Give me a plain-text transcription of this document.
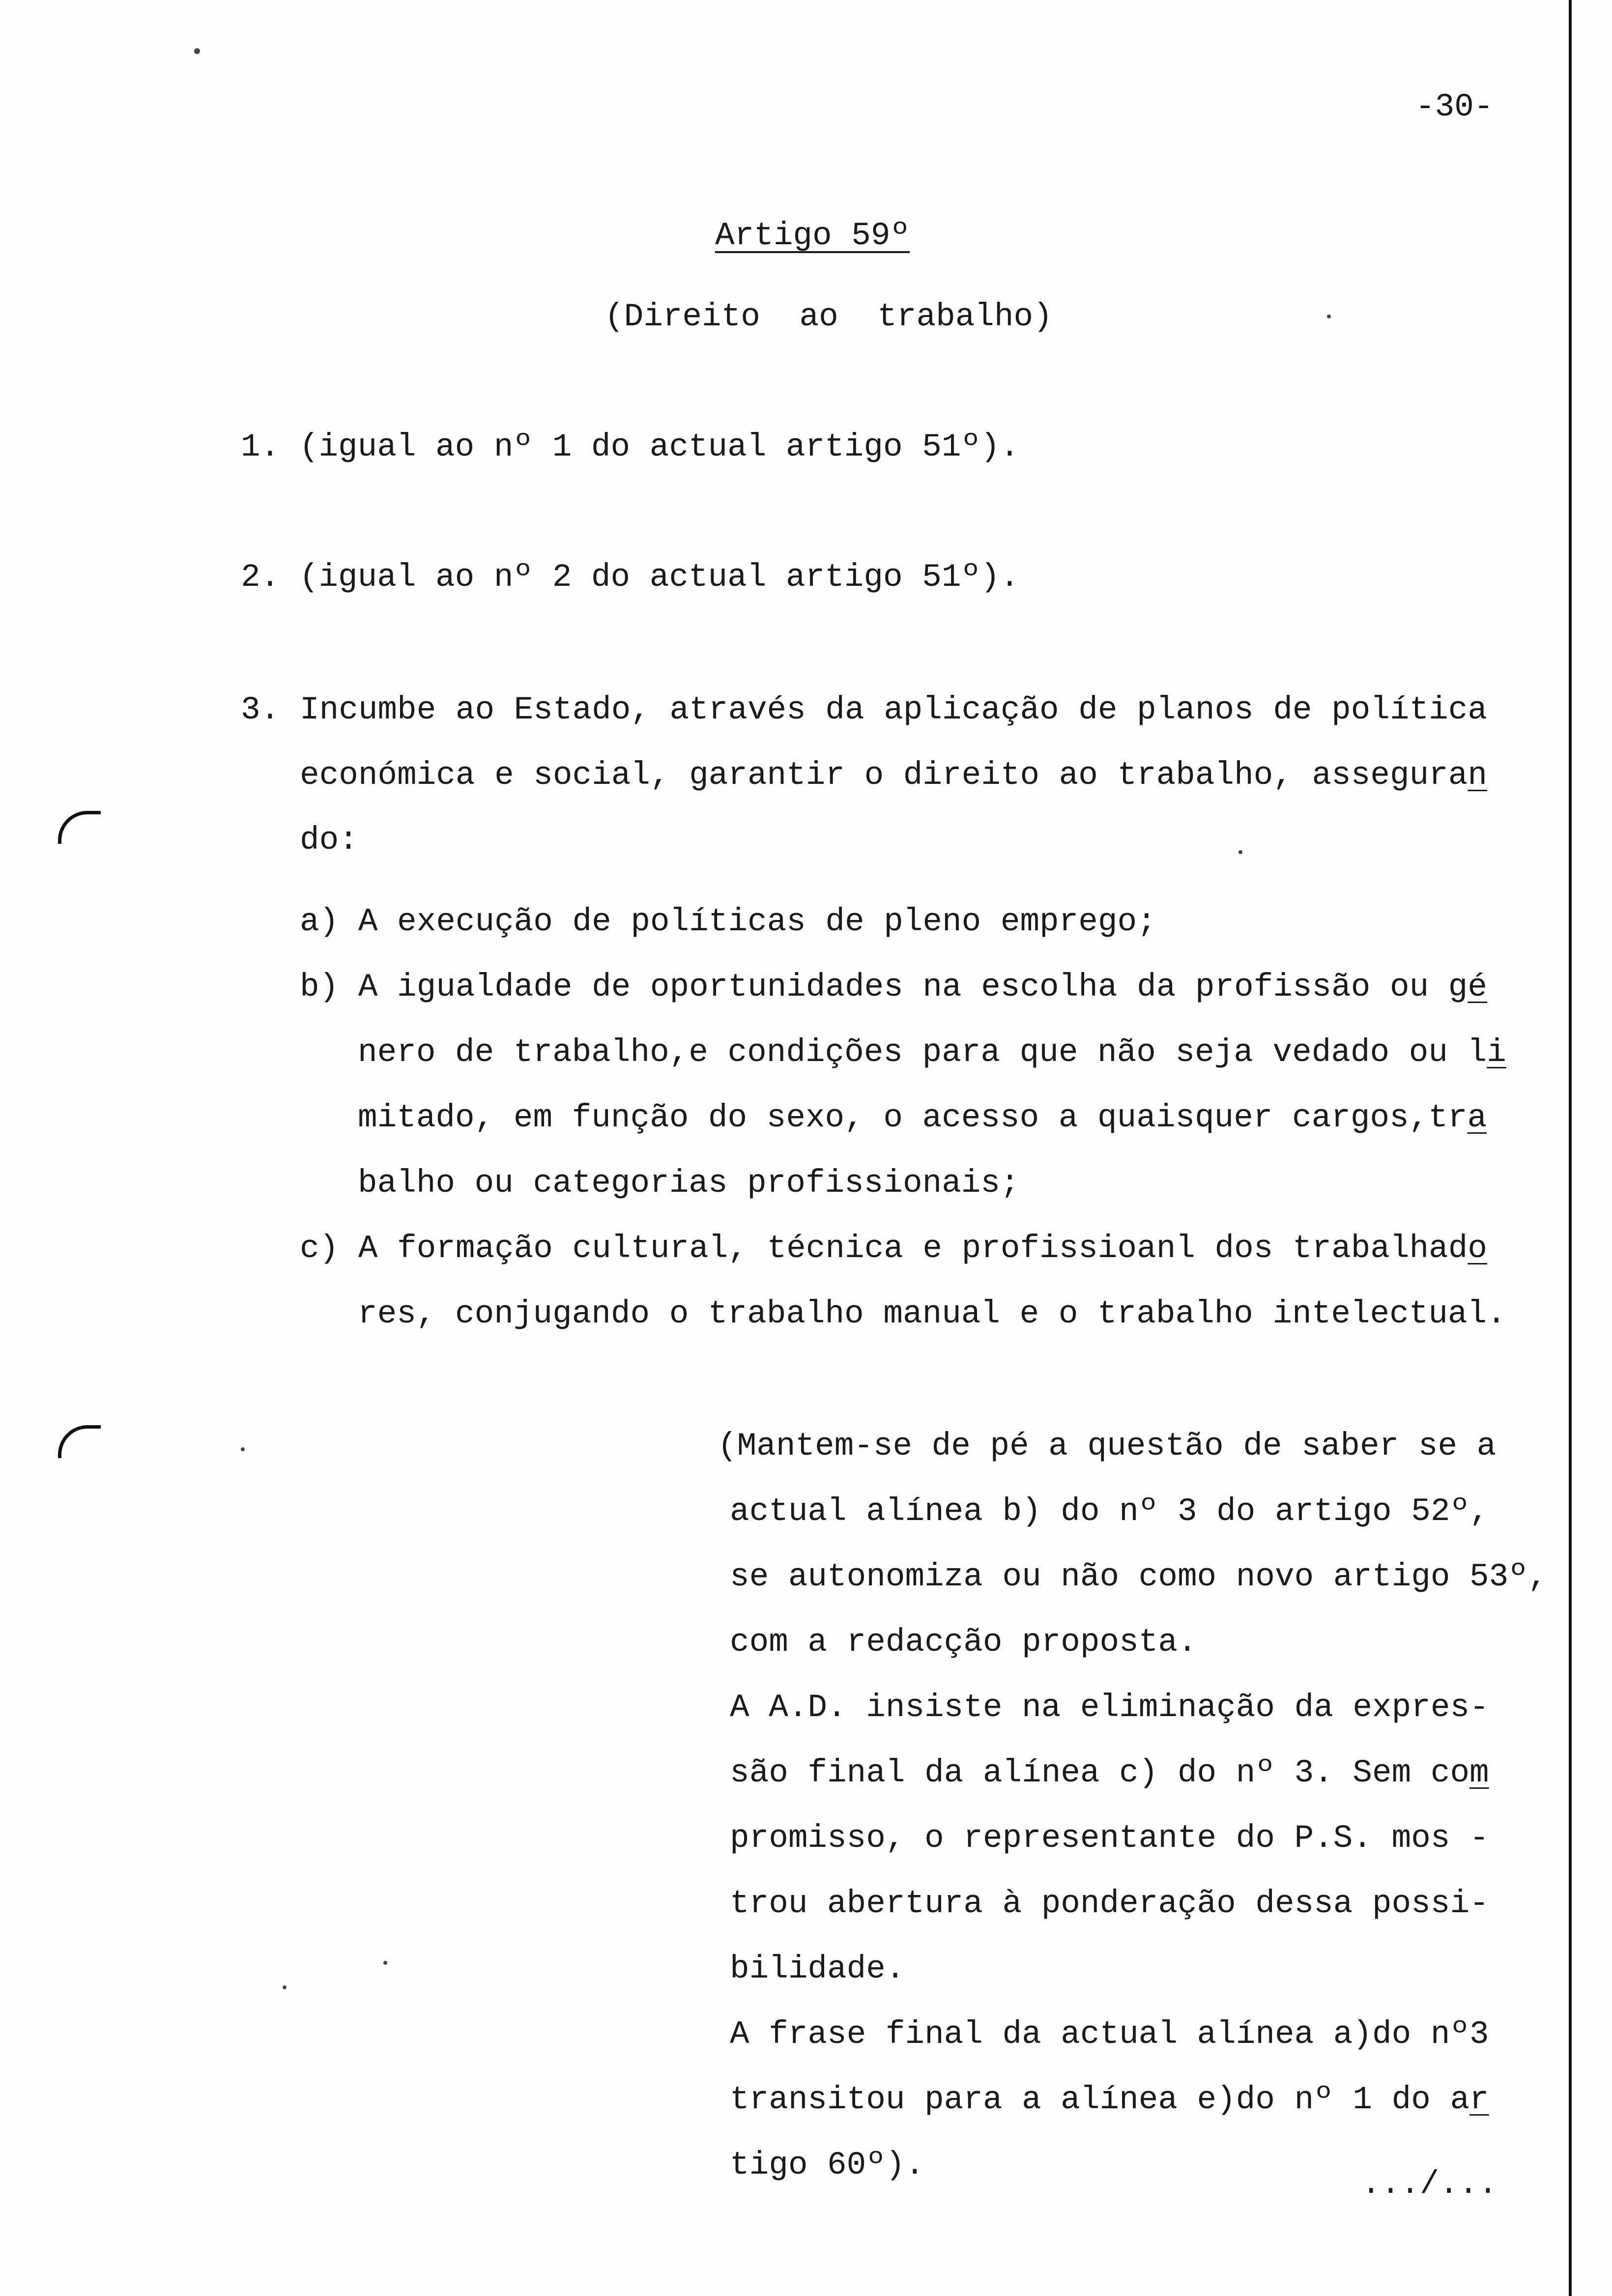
-30-
Artigo 59º
(Direito ao trabalho)
1. (igual ao nº 1 do actual artigo 51º).
2. (igual ao nº 2 do actual artigo 51º).
3. Incumbe ao Estado, através da aplicação de planos de política
económica e social, garantir o direito ao trabalho, asseguran
do:
a) A execução de políticas de pleno emprego;
b) A igualdade de oportunidades na escolha da profissão ou gé
nero de trabalho,e condições para que não seja vedado ou li
mitado, em função do sexo, o acesso a quaisquer cargos,tra
balho ou categorias profissionais;
c) A formação cultural, técnica e profissioanl dos trabalhado
res, conjugando o trabalho manual e o trabalho intelectual.
(Mantem-se de pé a questão de saber se a
actual alínea b) do nº 3 do artigo 52º,
se autonomiza ou não como novo artigo 53º,
com a redacção proposta.
A A.D. insiste na eliminação da expres-
são final da alínea c) do nº 3. Sem com
promisso, o representante do P.S. mos -
trou abertura à ponderação dessa possi-
bilidade.
A frase final da actual alínea a)do nº3
transitou para a alínea e)do nº 1 do ar
tigo 60º).
.../...
